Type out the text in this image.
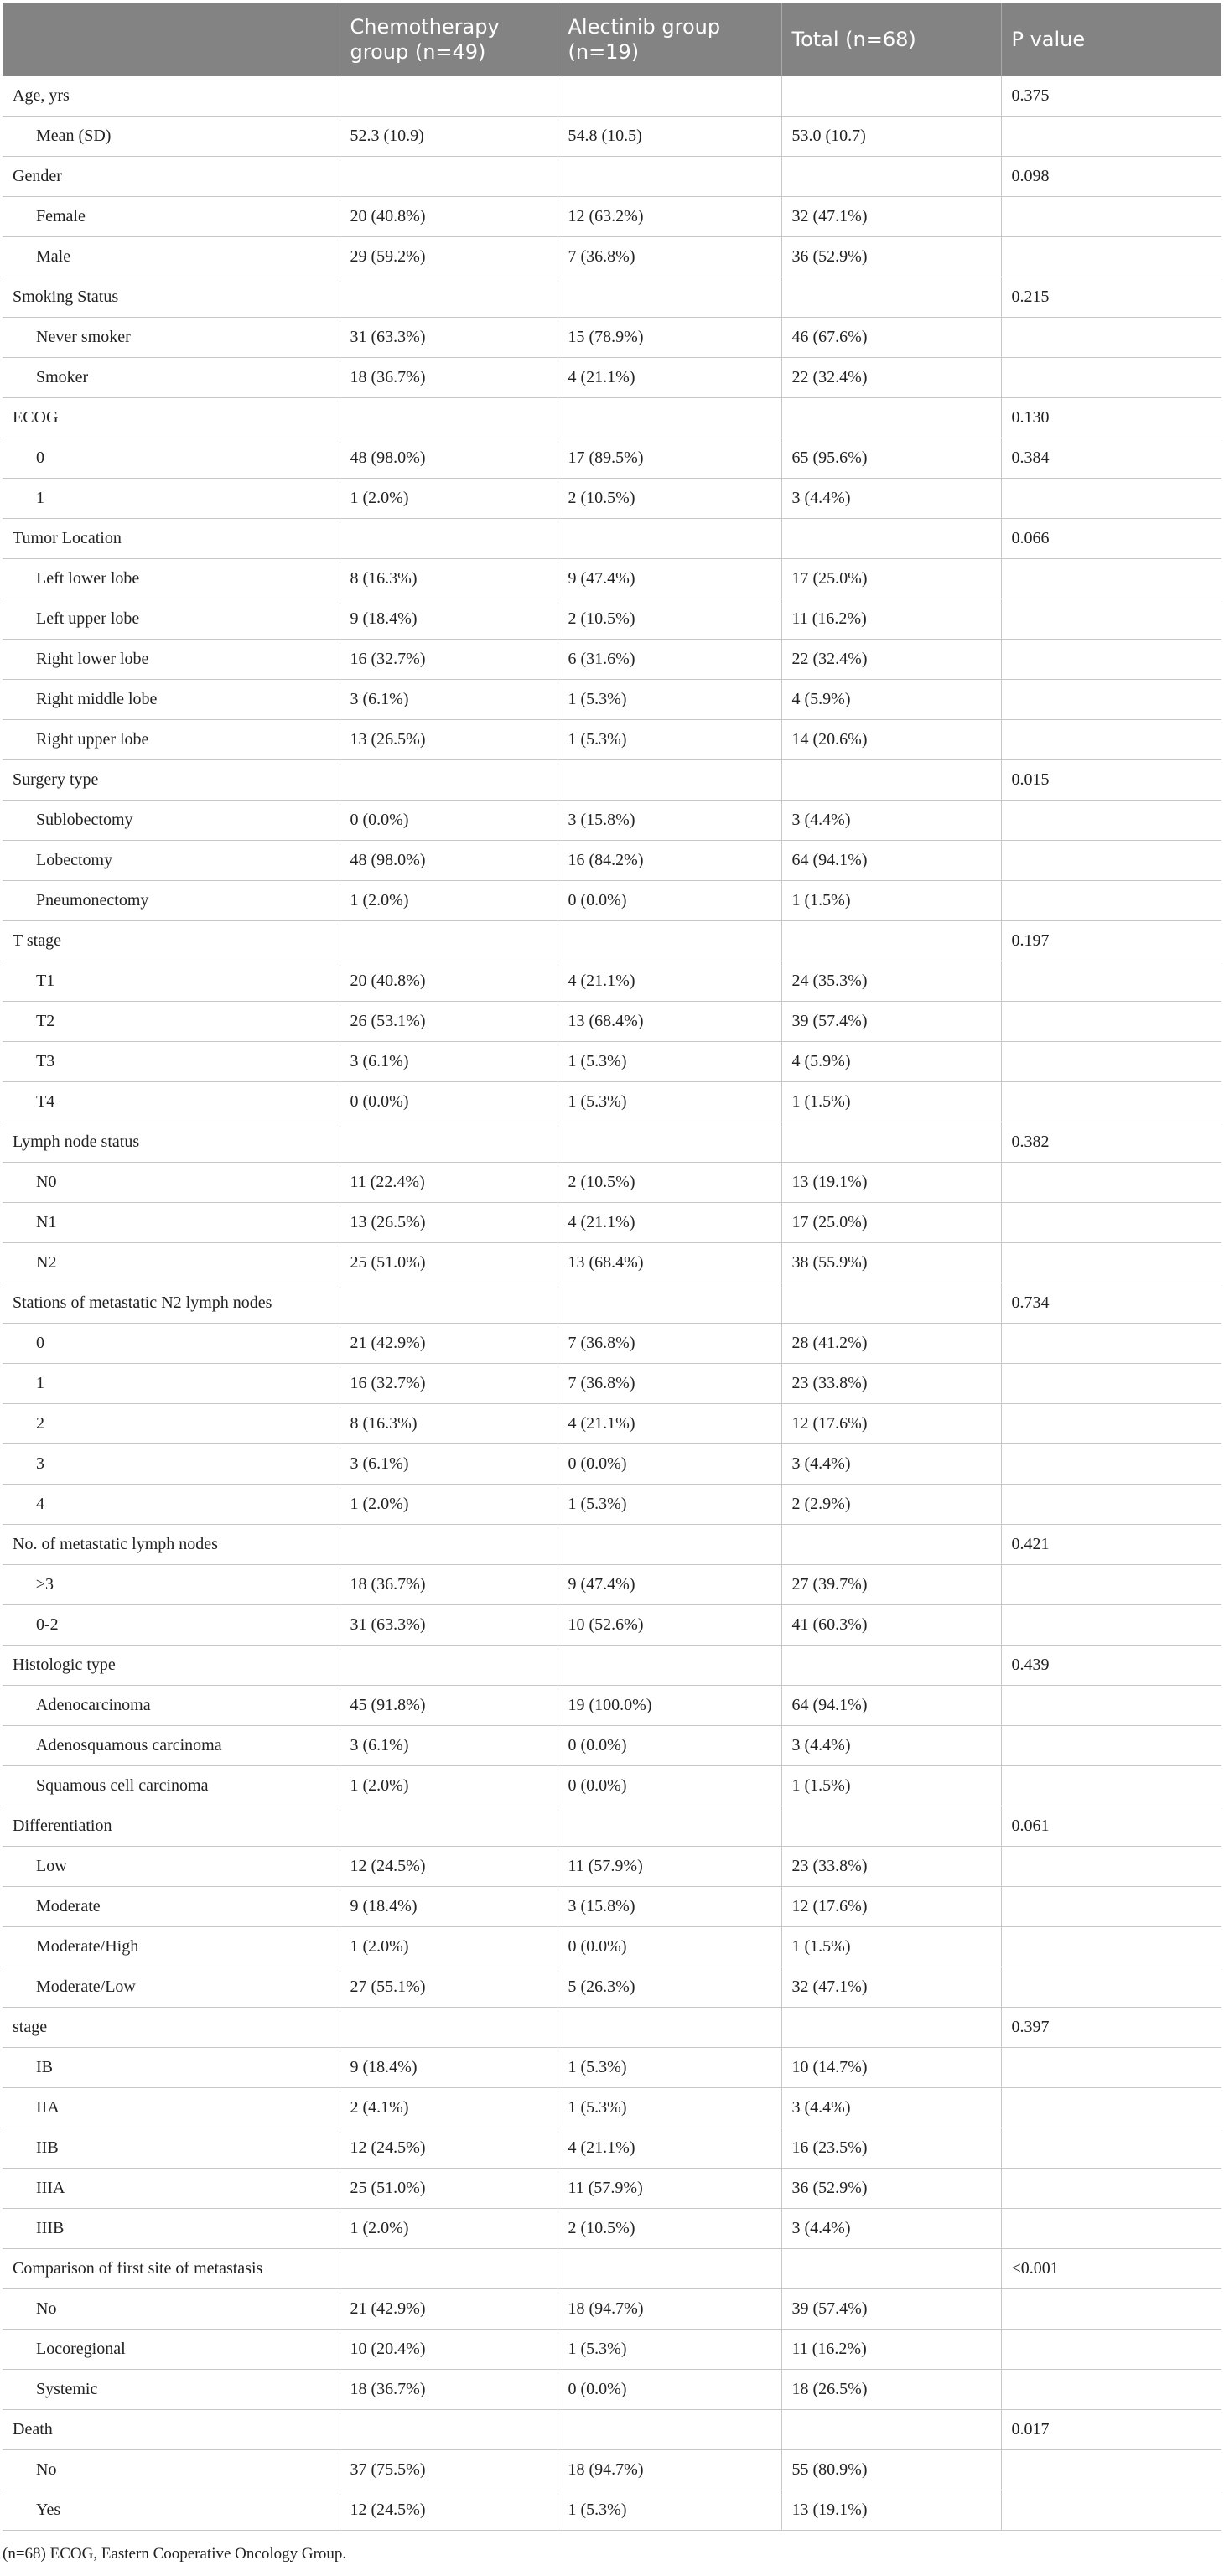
	Chemotherapy group (n=49)	Alectinib group (n=19)	Total (n=68)	P value
Age, yrs				0.375
Mean (SD)	52.3 (10.9)	54.8 (10.5)	53.0 (10.7)	
Gender				0.098
Female	20 (40.8%)	12 (63.2%)	32 (47.1%)	
Male	29 (59.2%)	7 (36.8%)	36 (52.9%)	
Smoking Status				0.215
Never smoker	31 (63.3%)	15 (78.9%)	46 (67.6%)	
Smoker	18 (36.7%)	4 (21.1%)	22 (32.4%)	
ECOG				0.130
0	48 (98.0%)	17 (89.5%)	65 (95.6%)	0.384
1	1 (2.0%)	2 (10.5%)	3 (4.4%)	
Tumor Location				0.066
Left lower lobe	8 (16.3%)	9 (47.4%)	17 (25.0%)	
Left upper lobe	9 (18.4%)	2 (10.5%)	11 (16.2%)	
Right lower lobe	16 (32.7%)	6 (31.6%)	22 (32.4%)	
Right middle lobe	3 (6.1%)	1 (5.3%)	4 (5.9%)	
Right upper lobe	13 (26.5%)	1 (5.3%)	14 (20.6%)	
Surgery type				0.015
Sublobectomy	0 (0.0%)	3 (15.8%)	3 (4.4%)	
Lobectomy	48 (98.0%)	16 (84.2%)	64 (94.1%)	
Pneumonectomy	1 (2.0%)	0 (0.0%)	1 (1.5%)	
T stage				0.197
T1	20 (40.8%)	4 (21.1%)	24 (35.3%)	
T2	26 (53.1%)	13 (68.4%)	39 (57.4%)	
T3	3 (6.1%)	1 (5.3%)	4 (5.9%)	
T4	0 (0.0%)	1 (5.3%)	1 (1.5%)	
Lymph node status				0.382
N0	11 (22.4%)	2 (10.5%)	13 (19.1%)	
N1	13 (26.5%)	4 (21.1%)	17 (25.0%)	
N2	25 (51.0%)	13 (68.4%)	38 (55.9%)	
Stations of metastatic N2 lymph nodes				0.734
0	21 (42.9%)	7 (36.8%)	28 (41.2%)	
1	16 (32.7%)	7 (36.8%)	23 (33.8%)	
2	8 (16.3%)	4 (21.1%)	12 (17.6%)	
3	3 (6.1%)	0 (0.0%)	3 (4.4%)	
4	1 (2.0%)	1 (5.3%)	2 (2.9%)	
No. of metastatic lymph nodes				0.421
≥3	18 (36.7%)	9 (47.4%)	27 (39.7%)	
0-2	31 (63.3%)	10 (52.6%)	41 (60.3%)	
Histologic type				0.439
Adenocarcinoma	45 (91.8%)	19 (100.0%)	64 (94.1%)	
Adenosquamous carcinoma	3 (6.1%)	0 (0.0%)	3 (4.4%)	
Squamous cell carcinoma	1 (2.0%)	0 (0.0%)	1 (1.5%)	
Differentiation				0.061
Low	12 (24.5%)	11 (57.9%)	23 (33.8%)	
Moderate	9 (18.4%)	3 (15.8%)	12 (17.6%)	
Moderate/High	1 (2.0%)	0 (0.0%)	1 (1.5%)	
Moderate/Low	27 (55.1%)	5 (26.3%)	32 (47.1%)	
stage				0.397
IB	9 (18.4%)	1 (5.3%)	10 (14.7%)	
IIA	2 (4.1%)	1 (5.3%)	3 (4.4%)	
IIB	12 (24.5%)	4 (21.1%)	16 (23.5%)	
IIIA	25 (51.0%)	11 (57.9%)	36 (52.9%)	
IIIB	1 (2.0%)	2 (10.5%)	3 (4.4%)	
Comparison of first site of metastasis				<0.001
No	21 (42.9%)	18 (94.7%)	39 (57.4%)	
Locoregional	10 (20.4%)	1 (5.3%)	11 (16.2%)	
Systemic	18 (36.7%)	0 (0.0%)	18 (26.5%)	
Death				0.017
No	37 (75.5%)	18 (94.7%)	55 (80.9%)	
Yes	12 (24.5%)	1 (5.3%)	13 (19.1%)	
(n=68) ECOG, Eastern Cooperative Oncology Group.
